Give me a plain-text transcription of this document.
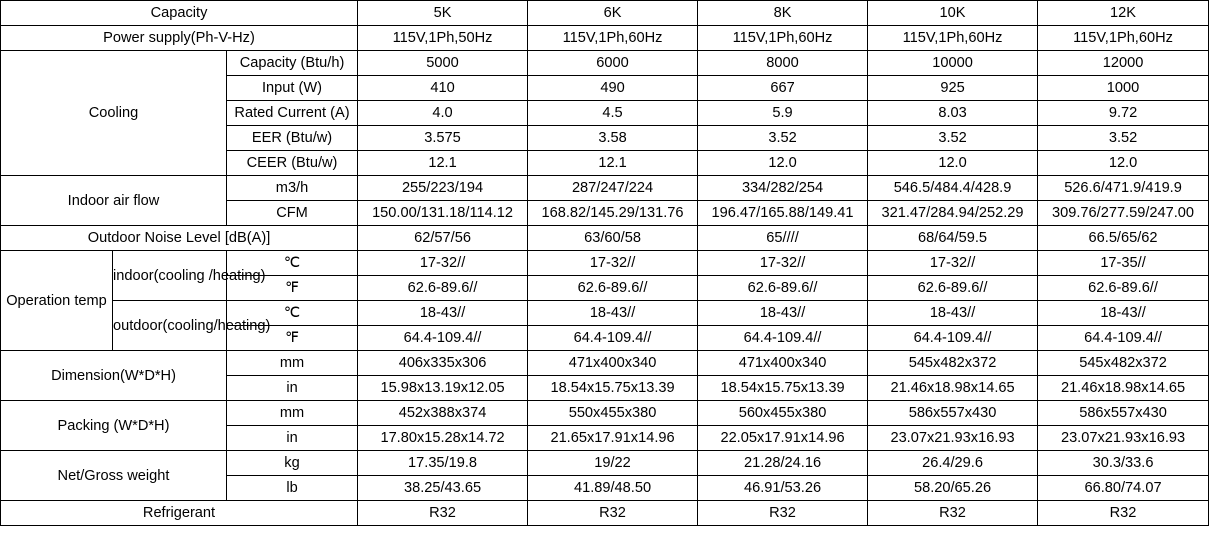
Capacity			5K	6K	8K	10K	12K
Power supply(Ph-V-Hz)			115V,1Ph,50Hz	115V,1Ph,60Hz	115V,1Ph,60Hz	115V,1Ph,60Hz	115V,1Ph,60Hz
Cooling		Capacity (Btu/h)	5000	6000	8000	10000	12000
		Input (W)	410	490	667	925	1000
		Rated Current (A)	4.0	4.5	5.9	8.03	9.72
		EER (Btu/w)	3.575	3.58	3.52	3.52	3.52
		CEER (Btu/w)	12.1	12.1	12.0	12.0	12.0
Indoor air flow		m3/h	255/223/194	287/247/224	334/282/254	546.5/484.4/428.9	526.6/471.9/419.9
		CFM	150.00/131.18/114.12	168.82/145.29/131.76	196.47/165.88/149.41	321.47/284.94/252.29	309.76/277.59/247.00
Outdoor Noise Level [dB(A)]			62/57/56	63/60/58	65////	68/64/59.5	66.5/65/62
Operation temp	indoor(cooling /heating)	℃	17-32//	17-32//	17-32//	17-32//	17-35//
		℉	62.6-89.6//	62.6-89.6//	62.6-89.6//	62.6-89.6//	62.6-89.6//
	outdoor(cooling/heating)	℃	18-43//	18-43//	18-43//	18-43//	18-43//
		℉	64.4-109.4//	64.4-109.4//	64.4-109.4//	64.4-109.4//	64.4-109.4//
Dimension(W*D*H)		mm	406x335x306	471x400x340	471x400x340	545x482x372	545x482x372
		in	15.98x13.19x12.05	18.54x15.75x13.39	18.54x15.75x13.39	21.46x18.98x14.65	21.46x18.98x14.65
Packing (W*D*H)		mm	452x388x374	550x455x380	560x455x380	586x557x430	586x557x430
		in	17.80x15.28x14.72	21.65x17.91x14.96	22.05x17.91x14.96	23.07x21.93x16.93	23.07x21.93x16.93
Net/Gross weight		kg	17.35/19.8	19/22	21.28/24.16	26.4/29.6	30.3/33.6
		lb	38.25/43.65	41.89/48.50	46.91/53.26	58.20/65.26	66.80/74.07
Refrigerant			R32	R32	R32	R32	R32
